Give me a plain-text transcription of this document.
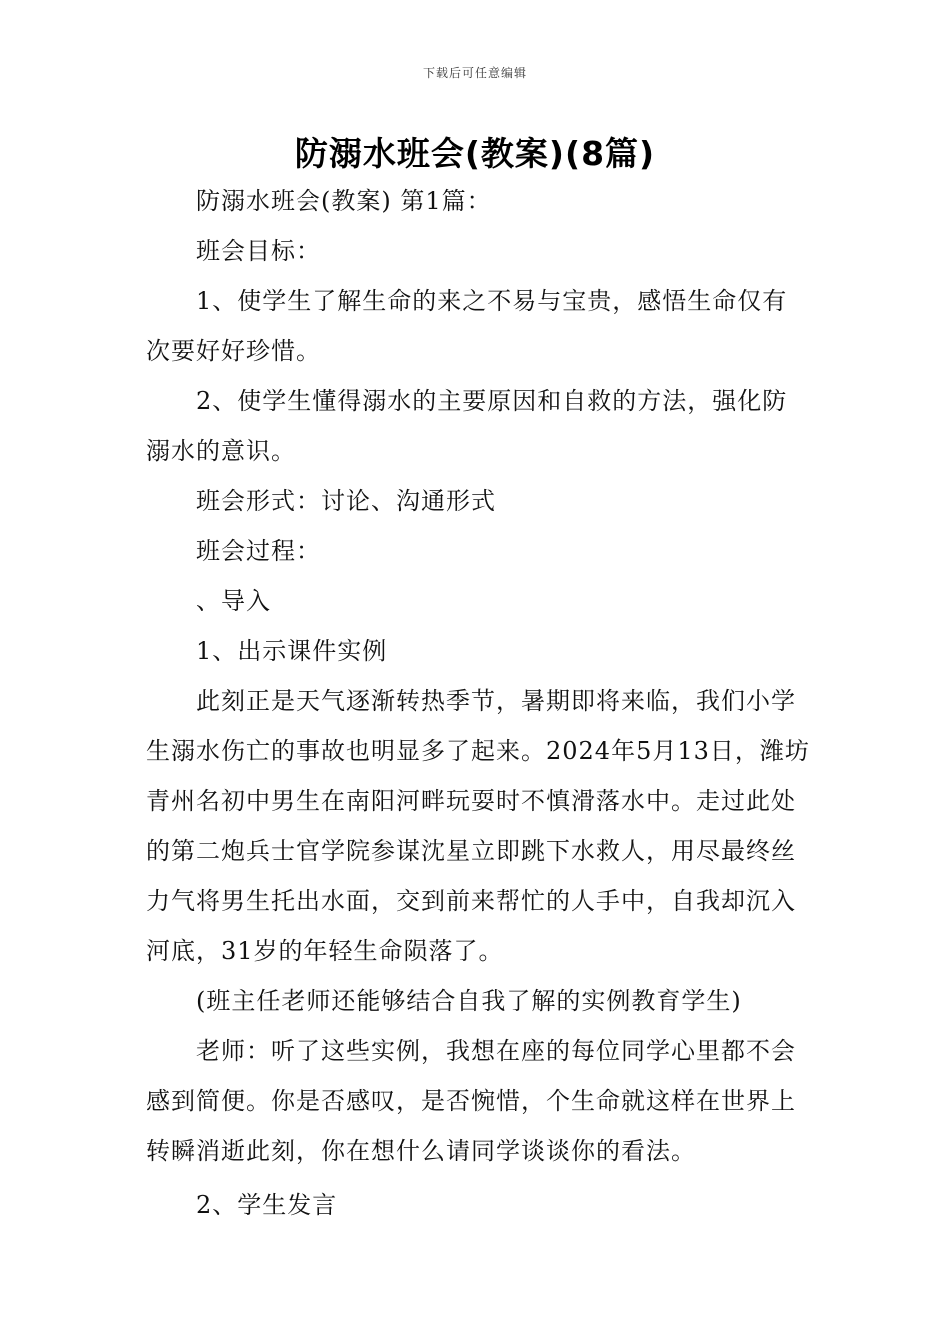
下载后可任意编辑
防溺水班会(教案)(8篇)

防溺水班会(教案) 第1篇：

班会目标：

1、使学生了解生命的来之不易与宝贵，感悟生命仅有次要好好珍惜。

2、使学生懂得溺水的主要原因和自救的方法，强化防溺水的意识。

班会形式：讨论、沟通形式

班会过程：

、导入

1、出示课件实例

此刻正是天气逐渐转热季节，暑期即将来临，我们小学生溺水伤亡的事故也明显多了起来。2024年5月13日，潍坊青州名初中男生在南阳河畔玩耍时不慎滑落水中。走过此处的第二炮兵士官学院参谋沈星立即跳下水救人，用尽最终丝力气将男生托出水面，交到前来帮忙的人手中，自我却沉入河底，31岁的年轻生命陨落了。

(班主任老师还能够结合自我了解的实例教育学生)

老师：听了这些实例，我想在座的每位同学心里都不会感到简便。你是否感叹，是否惋惜，个生命就这样在世界上转瞬消逝此刻，你在想什么请同学谈谈你的看法。

2、学生发言
